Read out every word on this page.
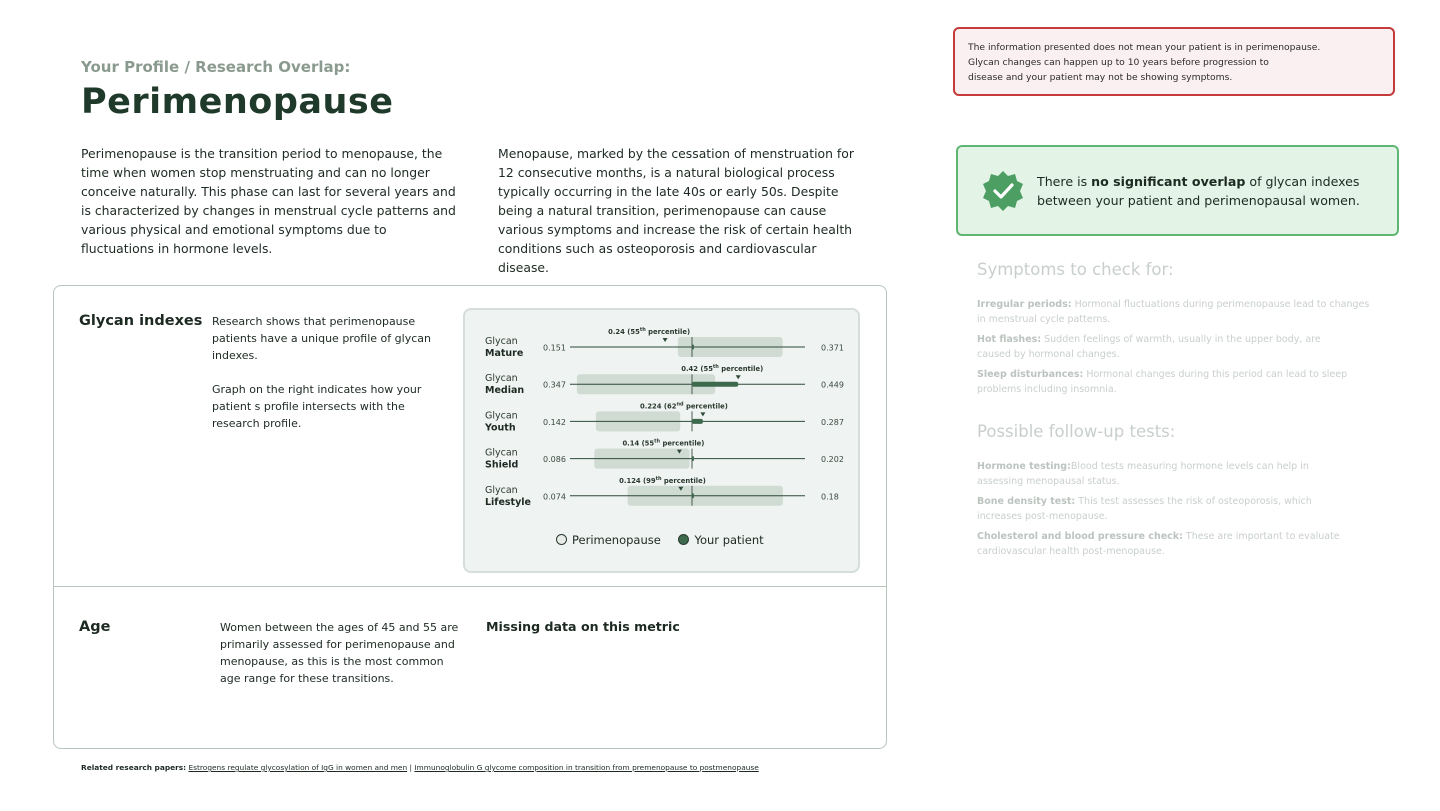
Your Profile / Research Overlap:
Perimenopause
Perimenopause is the transition period to menopause, the time when women stop menstruating and can no longer conceive naturally. This phase can last for several years and is characterized by changes in menstrual cycle patterns and various physical and emotional symptoms due to fluctuations in hormone levels.
Menopause, marked by the cessation of menstruation for 12 consecutive months, is a natural biological process typically occurring in the late 40s or early 50s. Despite being a natural transition, perimenopause can cause various symptoms and increase the risk of certain health conditions such as osteoporosis and cardiovascular disease.
Glycan indexes Research shows that perimenopause patients have a unique profile of glycan indexes.
Graph on the right indicates how your patient s profile intersects with the research profile.
Glycan
Mature 0.151	0.371
0.24 (55th percentile)
Glycan
Median 0.347	0.449
0.42 (55th percentile)
Glycan
Youth	0.142	0.287
0.224 (62nd percentile)
Glycan
Shield	0.086	0.202
0.14 (55th percentile)
Glycan
Lifestyle 0.074	0.18
0.124 (99th percentile)
Perimenopause	Your patient
Age	Women between the ages of 45 and 55 are primarily assessed for perimenopause and menopause, as this is the most common age range for these transitions.
Missing data on this metric
The information presented does not mean your patient is in perimenopause.
Glycan changes can happen up to 10 years before progression to
disease and your patient may not be showing symptoms.
There is no significant overlap of glycan indexes between your patient and perimenopausal women.
Symptoms to check for:
Irregular periods: Hormonal fluctuations during perimenopause lead to changes in menstrual cycle patterns.
Hot flashes: Sudden feelings of warmth, usually in the upper body, are caused by hormonal changes.
Sleep disturbances: Hormonal changes during this period can lead to sleep problems including insomnia.
Possible follow-up tests:
Hormone testing:Blood tests measuring hormone levels can help in assessing menopausal status.
Bone density test: This test assesses the risk of osteoporosis, which increases post-menopause.
Cholesterol and blood pressure check: These are important to evaluate cardiovascular health post-menopause.
Related research papers: Estrogens regulate glycosylation of IgG in women and men | Immunoglobulin G glycome composition in transition from premenopause to postmenopause
